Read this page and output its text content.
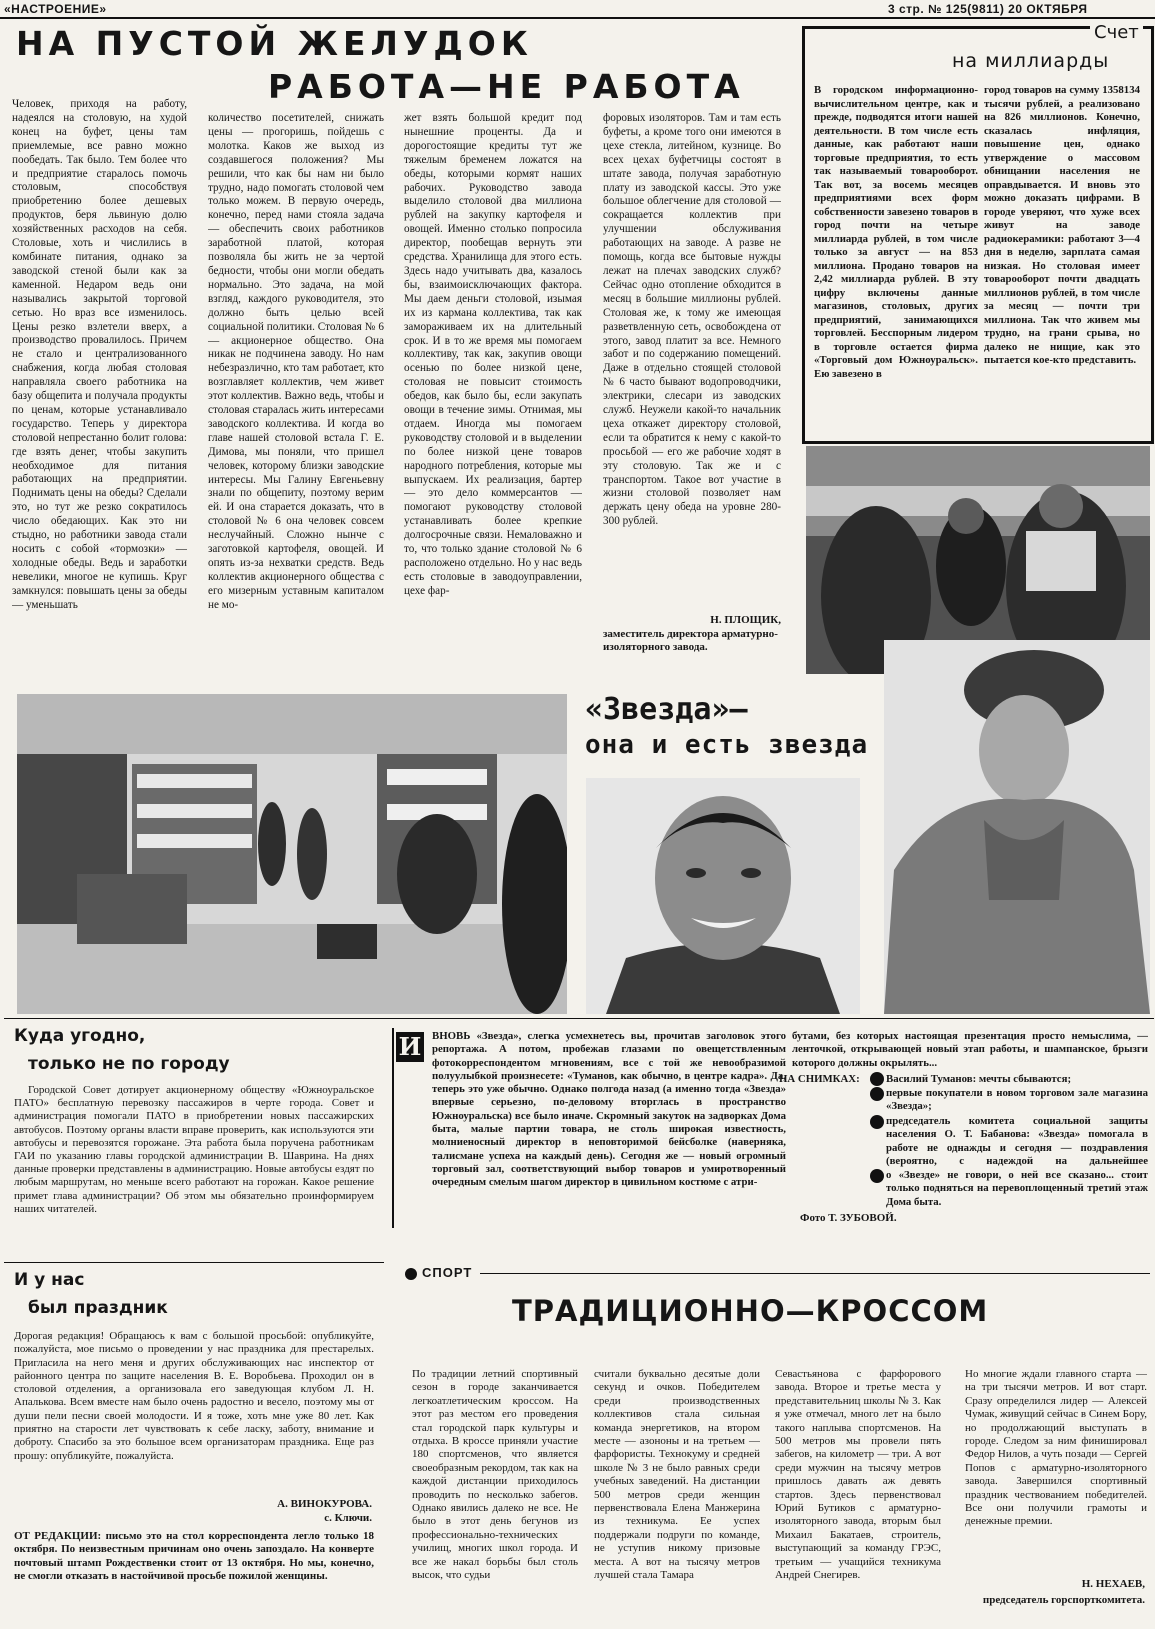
«НАСТРОЕНИЕ»	3 стр. № 125(9811) 20 ОКТЯБРЯ
НА ПУСТОЙ ЖЕЛУДОК
РАБОТА—НЕ РАБОТА
Человек, приходя на работу, надеялся на столовую, на худой конец на буфет, цены там приемлемые, все равно можно пообедать. Так было. Тем более что и предприятие старалось помочь столовым, способствуя приобретению более дешевых продуктов, беря львиную долю хозяйственных расходов на себя. Столовые, хоть и числились в комбинате питания, однако за заводской стеной были как за каменной. Недаром ведь они назывались закрытой торговой сетью. Но враз все изменилось. Цены резко взлетели вверх, а производство провалилось. Причем не стало и централизованного снабжения, когда любая столовая направляла своего работника на базу общепита и получала продукты по ценам, которые устанавливало государство. Теперь у директора столовой непрестанно болит голова: где взять денег, чтобы закупить необходимое для питания работающих на предприятии. Поднимать цены на обеды? Сделали это, но тут же резко сократилось число обедающих. Как это ни стыдно, но работники завода стали носить с собой «тормозки» — холодные обеды. Ведь и заработки невелики, многое не купишь. Круг замкнулся: повышать цены за обеды — уменьшать
количество посетителей, снижать цены — прогоришь, пойдешь с молотка. Каков же выход из создавшегося положения? Мы решили, что как бы нам ни было трудно, надо помогать столовой чем только можем. В первую очередь, конечно, перед нами стояла задача — обеспечить своих работников заработной платой, которая позволяла бы жить не за чертой бедности, чтобы они могли обедать нормально. Это задача, на мой взгляд, каждого руководителя, это должно быть целью всей социальной политики. Столовая № 6 — акционерное общество. Она никак не подчинена заводу. Но нам небезразлично, кто там работает, кто возглавляет коллектив, чем живет этот коллектив. Важно ведь, чтобы и столовая старалась жить интересами заводского коллектива. И когда во главе нашей столовой встала Г. Е. Димова, мы поняли, что пришел человек, которому близки заводские интересы. Мы Галину Евгеньевну знали по общепиту, поэтому верим ей. И она старается доказать, что в столовой № 6 она человек совсем неслучайный. Сложно нынче с заготовкой картофеля, овощей. И опять из-за нехватки средств. Ведь коллектив акционерного общества с его мизерным уставным капиталом не мо-
жет взять большой кредит под нынешние проценты. Да и дорогостоящие кредиты тут же тяжелым бременем ложатся на обеды, которыми кормят наших рабочих. Руководство завода выделило столовой два миллиона рублей на закупку картофеля и овощей. Именно столько попросила директор, пообещав вернуть эти средства. Хранилища для этого есть. Здесь надо учитывать два, казалось бы, взаимоисключающих фактора. Мы даем деньги столовой, изымая их из кармана коллектива, так как замораживаем их на длительный срок. И в то же время мы помогаем коллективу, так как, закупив овощи осенью по более низкой цене, столовая не повысит стоимость обедов, как было бы, если закупать овощи в течение зимы. Отнимая, мы отдаем. Иногда мы помогаем руководству столовой и в выделении по более низкой цене товаров народного потребления, которые мы выпускаем. Их реализация, бартер — это дело коммерсантов — помогают руководству столовой устанавливать более крепкие долгосрочные связи. Немаловажно и то, что только здание столовой № 6 расположено отдельно. Но у нас ведь есть столовые в заводоуправлении, цехе фар-
форовых изоляторов. Там и там есть буфеты, а кроме того они имеются в цехе стекла, литейном, кузнице. Во всех цехах буфетчицы состоят в штате завода, получая заработную плату из заводской кассы. Это уже большое облегчение для столовой — сокращается коллектив при улучшении обслуживания работающих на заводе. А разве не помощь, когда все бытовые нужды лежат на плечах заводских служб? Сейчас одно отопление обходится в месяц в большие миллионы рублей. Столовая же, к тому же имеющая разветвленную сеть, освобождена от этого, завод платит за все. Немного забот и по содержанию помещений. Даже в отдельно стоящей столовой № 6 часто бывают водопроводчики, электрики, слесари из заводских служб. Неужели какой-то начальник цеха откажет директору столовой, если та обратится к нему с какой-то просьбой — его же рабочие ходят в эту столовую. Так же и с транспортом. Такое вот участие в жизни столовой позволяет нам держать цену обеда на уровне 280-300 рублей.
Н. ПЛОЩИК,
заместитель директора арматурно-изоляторного завода.
Счет
на миллиарды
В городском информационно-вычислительном центре, как и прежде, подводятся итоги нашей деятельности. В том числе есть данные, как работают наши торговые предприятия, то есть так называемый товарооборот. Так вот, за восемь месяцев предприятиями всех форм собственности завезено товаров в город почти на четыре миллиарда рублей, в том числе только за август — на 853 миллиона. Продано товаров на 2,42 миллиарда рублей. В эту цифру включены данные магазинов, столовых, других предприятий, занимающихся торговлей. Бесспорным лидером в торговле остается фирма «Торговый дом Южноуральск». Ею завезено в
город товаров на сумму 1358134 тысячи рублей, а реализовано на 826 миллионов. Конечно, сказалась инфляция, повышение цен, однако утверждение о массовом обнищании населения не оправдывается. И вновь это можно доказать цифрами. В городе уверяют, что хуже всех живут на заводе радиокерамики: работают 3—4 дня в неделю, зарплата самая низкая. Но столовая имеет товарооборот почти двадцать миллионов рублей, в том числе за месяц — почти три миллиона. Так что живем мы трудно, на грани срыва, но далеко не нищие, как это пытается кое-кто представить.
«Звезда»—
она и есть звезда
Куда угодно,
только не по городу
Городской Совет дотирует акционерному обществу «Южноуральское ПАТО» бесплатную перевозку пассажиров в черте города. Совет и администрация помогали ПАТО в приобретении новых пассажирских автобусов. Поэтому органы власти вправе проверить, как используются эти автобусы и перевозятся горожане. Эта работа была поручена работникам ГАИ по указанию главы городской администрации В. Шаврина. На днях данные проверки представлены в администрацию. Новые автобусы ездят по любым маршрутам, но меньше всего работают на горожан. Какое решение примет глава администрации? Об этом мы обязательно проинформируем наших читателей.
И ВНОВЬ «Звезда», слегка усмехнетесь вы, прочитав заголовок этого репортажа. А потом, пробежав глазами по овещетствленным фотокорреспондентом мгновениям, все с той же невообразимой полуулыбкой произнесете: «Туманов, как обычно, в центре кадра». Да, теперь это уже обычно. Однако полгода назад (а именно тогда «Звезда» впервые серьезно, по-деловому вторглась в пространство Южноуральска) все было иначе. Скромный закуток на задворках Дома быта, малые партии товара, не столь широкая известность, молниеносный директор в неповторимой бейсболке (наверняка, талисмане успеха на каждый день). Сегодня же — новый огромный торговый зал, соответствующий выбор товаров и умиротворенный очередным смелым шагом директор в цивильном костюме с атри-
бутами, без которых настоящая презентация просто немыслима, — ленточкой, открывающей новый этап работы, и шампанское, брызги которого должны окрылять...
НА СНИМКАХ: Василий Туманов: мечты сбываются;
первые покупатели в новом торговом зале магазина «Звезда»;
председатель комитета социальной защиты населения О. Т. Бабанова: «Звезда» помогала в работе не однажды и сегодня — поздравления (вероятно, с надеждой на дальнейшее
о «Звезде» не говори, о ней все сказано... стоит только подняться на перевоплощенный третий этаж Дома быта.
Фото Т. ЗУБОВОЙ.
И у нас
был праздник
Дорогая редакция! Обращаюсь к вам с большой просьбой: опубликуйте, пожалуйста, мое письмо о проведении у нас праздника для престарелых. Пригласила на него меня и других обслуживающих нас инспектор от районного центра по защите населения В. Е. Воробьева. Проходил он в столовой отделения, а организовала его заведующая клубом Л. Н. Апалькова. Всем вместе нам было очень радостно и весело, поэтому мы от души пели песни своей молодости. И я тоже, хоть мне уже 80 лет. Как приятно на старости лет чувствовать к себе ласку, заботу, внимание и доброту. Спасибо за это большое всем организаторам праздника. Еще раз прошу: опубликуйте, пожалуйста.
А. ВИНОКУРОВА.
с. Ключи.
ОТ РЕДАКЦИИ: письмо это на стол корреспондента легло только 18 октября. По неизвестным причинам оно очень запоздало. На конверте почтовый штамп Рождественки стоит от 13 октября. Но мы, конечно, не смогли отказать в настойчивой просьбе пожилой женщины.
СПОРТ
ТРАДИЦИОННО—КРОССОМ
По традиции летний спортивный сезон в городе заканчивается легкоатлетическим кроссом. На этот раз местом его проведения стал городской парк культуры и отдыха. В кроссе приняли участие 180 спортсменов, что является своеобразным рекордом, так как на каждой дистанции приходилось проводить по несколько забегов. Однако явились далеко не все. Не было в этот день бегунов из профессионально-технических училищ, многих школ города. И все же накал борьбы был столь высок, что судьи
считали буквально десятые доли секунд и очков. Победителем среди производственных коллективов стала сильная команда энергетиков, на втором месте — азононы и на третьем — фарфористы. Технокуму и средней школе № 3 не было равных среди учебных заведений. На дистанции 500 метров среди женщин первенствовала Елена Манжерина из техникума. Ее успех поддержали подруги по команде, не уступив никому призовые места. А вот на тысячу метров лучшей стала Тамара
Севастьянова с фарфорового завода. Второе и третье места у представительниц школы № 3. Как я уже отмечал, много лет на было такого наплыва спортсменов. На 500 метров мы провели пять забегов, на километр — три. А вот среди мужчин на тысячу метров пришлось давать аж девять стартов. Здесь первенствовал Юрий Бутиков с арматурно-изоляторного завода, вторым был Михаил Бакатаев, строитель, выступающий за команду ГРЭС, третьим — учащийся техникума Андрей Снегирев.
Но многие ждали главного старта — на три тысячи метров. И вот старт. Сразу определился лидер — Алексей Чумак, живущий сейчас в Синем Бору, но продолжающий выступать в городе. Следом за ним финишировал Федор Нилов, а чуть позади — Сергей Попов с арматурно-изоляторного завода. Завершился спортивный праздник чествованием победителей. Все они получили грамоты и денежные премии.
Н. НЕХАЕВ,
председатель горспорткомитета.
